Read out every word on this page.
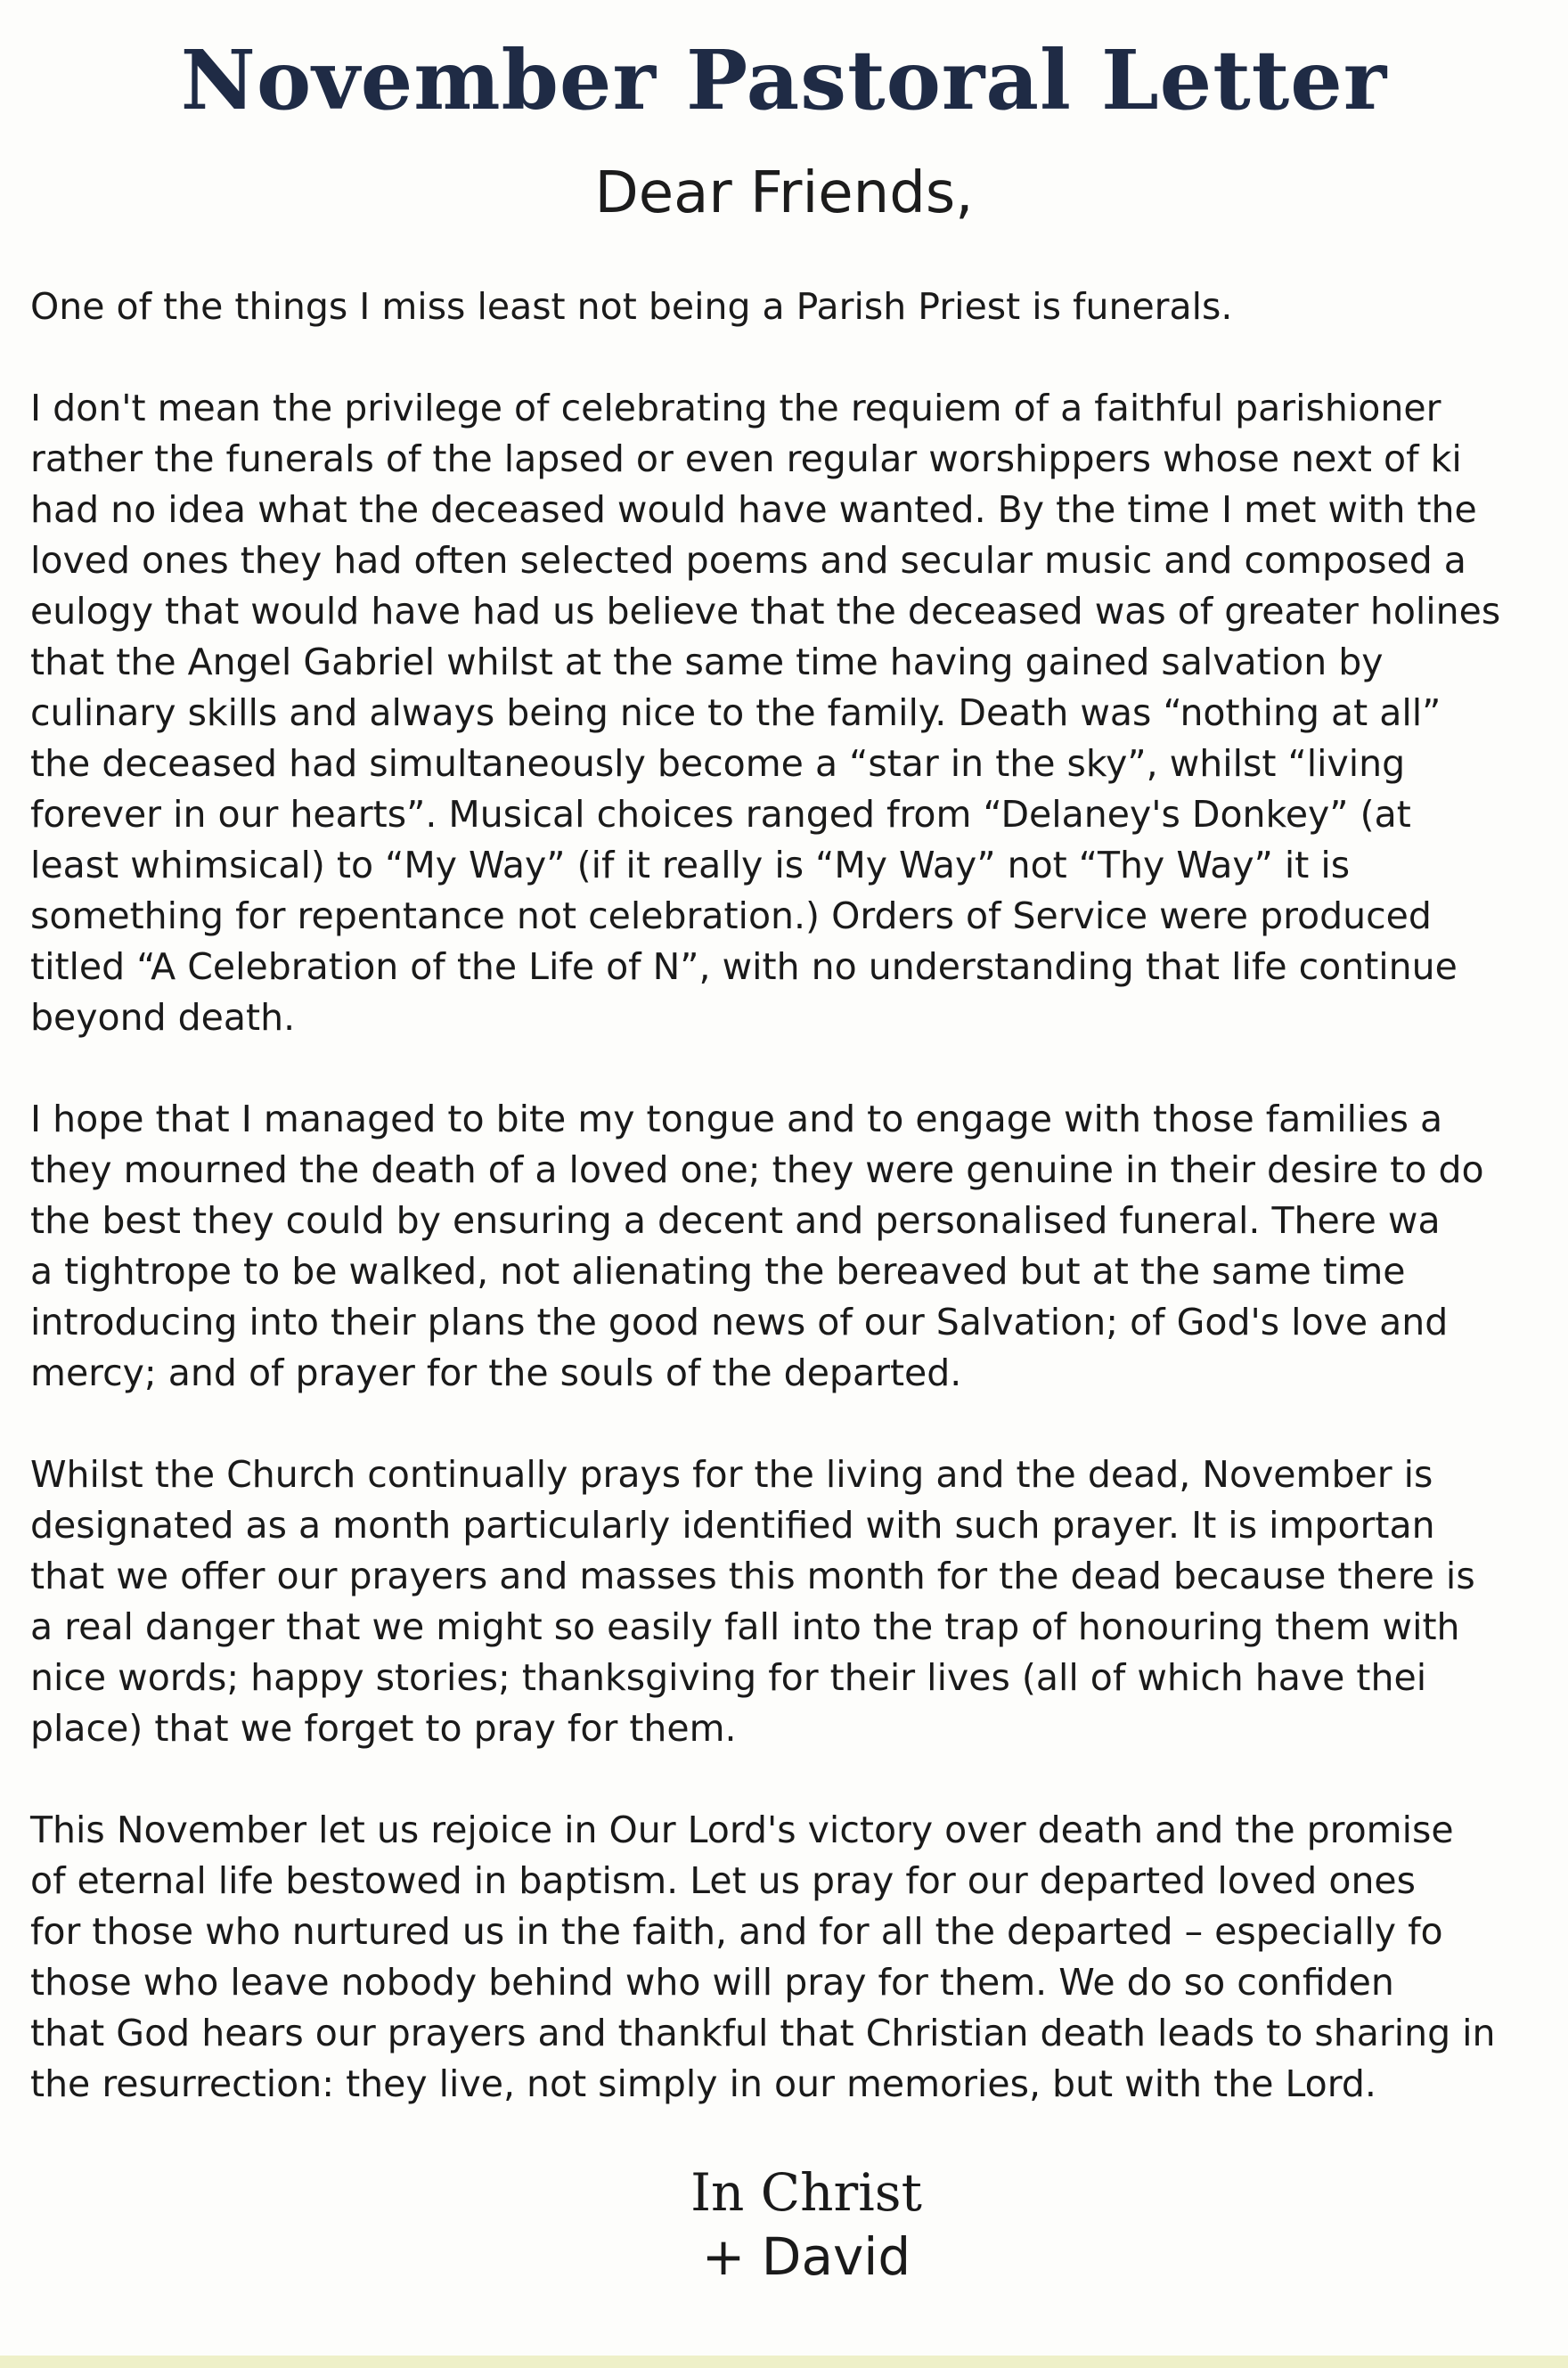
November Pastoral Letter

Dear Friends,

One of the things I miss least not being a Parish Priest is funerals.

I don't mean the privilege of celebrating the requiem of a faithful parishioner
rather the funerals of the lapsed or even regular worshippers whose next of ki
had no idea what the deceased would have wanted. By the time I met with the
loved ones they had often selected poems and secular music and composed a
eulogy that would have had us believe that the deceased was of greater holines
that the Angel Gabriel whilst at the same time having gained salvation by
culinary skills and always being nice to the family. Death was “nothing at all”
the deceased had simultaneously become a “star in the sky”, whilst “living
forever in our hearts”. Musical choices ranged from “Delaney's Donkey” (at
least whimsical) to “My Way” (if it really is “My Way” not “Thy Way” it is
something for repentance not celebration.) Orders of Service were produced
titled “A Celebration of the Life of N”, with no understanding that life continue
beyond death.

I hope that I managed to bite my tongue and to engage with those families a
they mourned the death of a loved one; they were genuine in their desire to do
the best they could by ensuring a decent and personalised funeral. There wa
a tightrope to be walked, not alienating the bereaved but at the same time
introducing into their plans the good news of our Salvation; of God's love and
mercy; and of prayer for the souls of the departed.

Whilst the Church continually prays for the living and the dead, November is
designated as a month particularly identified with such prayer. It is importan
that we offer our prayers and masses this month for the dead because there is
a real danger that we might so easily fall into the trap of honouring them with
nice words; happy stories; thanksgiving for their lives (all of which have thei
place) that we forget to pray for them.

This November let us rejoice in Our Lord's victory over death and the promise
of eternal life bestowed in baptism. Let us pray for our departed loved ones
for those who nurtured us in the faith, and for all the departed – especially fo
those who leave nobody behind who will pray for them. We do so confiden
that God hears our prayers and thankful that Christian death leads to sharing in
the resurrection: they live, not simply in our memories, but with the Lord.

In Christ

+ David
